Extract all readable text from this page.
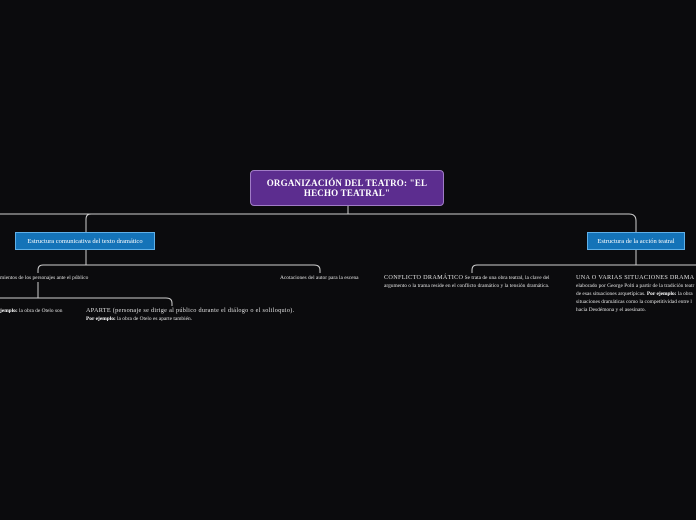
ORGANIZACIÓN DEL TEATRO: "EL HECHO TEATRAL"
Estructura comunicativa del texto dramático	Estructura de la acción teatral
mientos de los personajes ante el público	Acotaciones del autor para la escena
jemplo: la obra de Otelo son	APARTE (personaje se dirige al público durante el diálogo o el soliloquio).
Por ejemplo: la obra de Otelo es aparte también.
CONFLICTO DRAMÁTICO Se trata de una obra teatral, la clave del
argumento o la trama reside en el conflicto dramático y la tensión dramática.
UNA O VARIAS SITUACIONES DRAMA
elaborado por George Polti a partir de la tradición teatr
de esas situaciones arquetípicas. Por ejemplo: la obra
situaciones dramáticas como la competitividad entre l
hacia Desdémona y el asesinato.
